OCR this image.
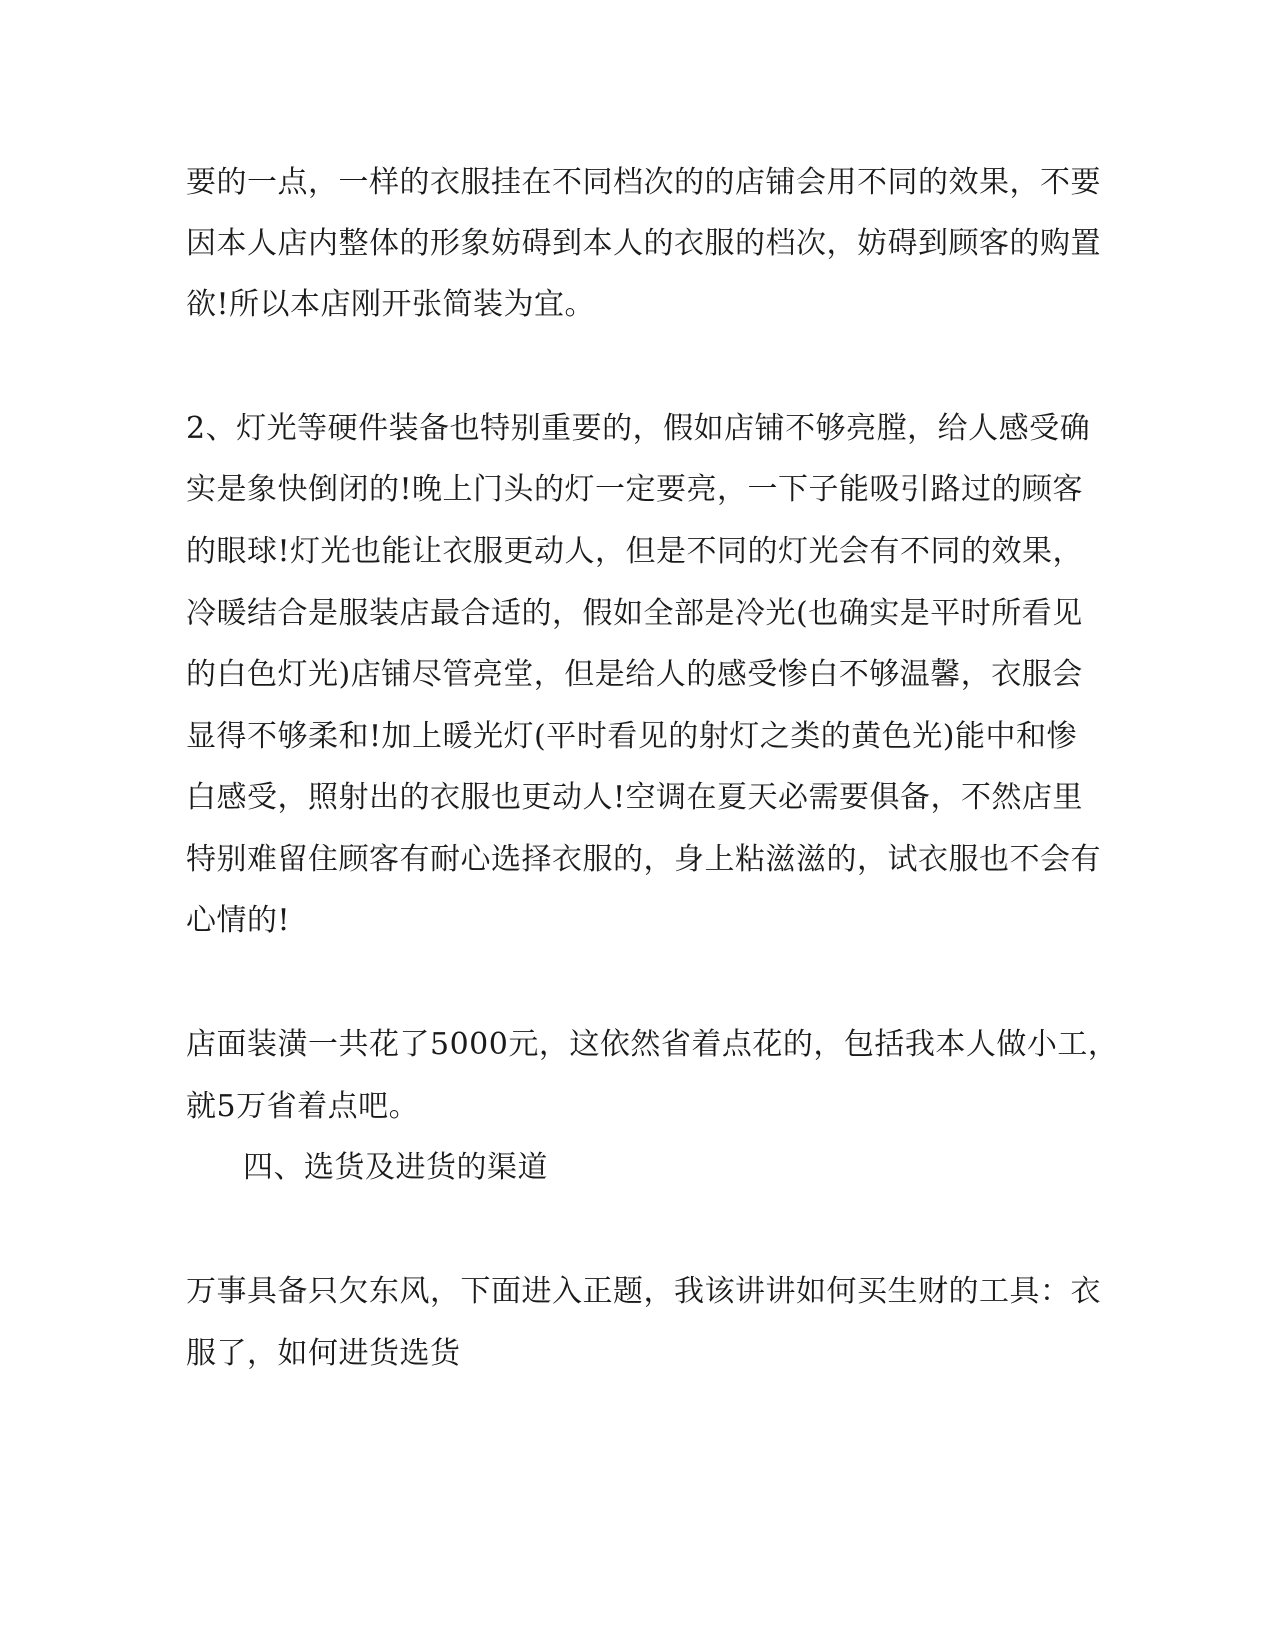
要的一点，一样的衣服挂在不同档次的的店铺会用不同的效果，不要
因本人店内整体的形象妨碍到本人的衣服的档次，妨碍到顾客的购置
欲!所以本店刚开张简装为宜。
2、灯光等硬件装备也特别重要的，假如店铺不够亮膛，给人感受确
实是象快倒闭的!晚上门头的灯一定要亮，一下子能吸引路过的顾客
的眼球!灯光也能让衣服更动人，但是不同的灯光会有不同的效果，
冷暖结合是服装店最合适的，假如全部是冷光(也确实是平时所看见
的白色灯光)店铺尽管亮堂，但是给人的感受惨白不够温馨，衣服会
显得不够柔和!加上暖光灯(平时看见的射灯之类的黄色光)能中和惨
白感受，照射出的衣服也更动人!空调在夏天必需要俱备，不然店里
特别难留住顾客有耐心选择衣服的，身上粘滋滋的，试衣服也不会有
心情的!
店面装潢一共花了5000元，这依然省着点花的，包括我本人做小工，
就5万省着点吧。
四、选货及进货的渠道
万事具备只欠东风，下面进入正题，我该讲讲如何买生财的工具：衣
服了，如何进货选货
